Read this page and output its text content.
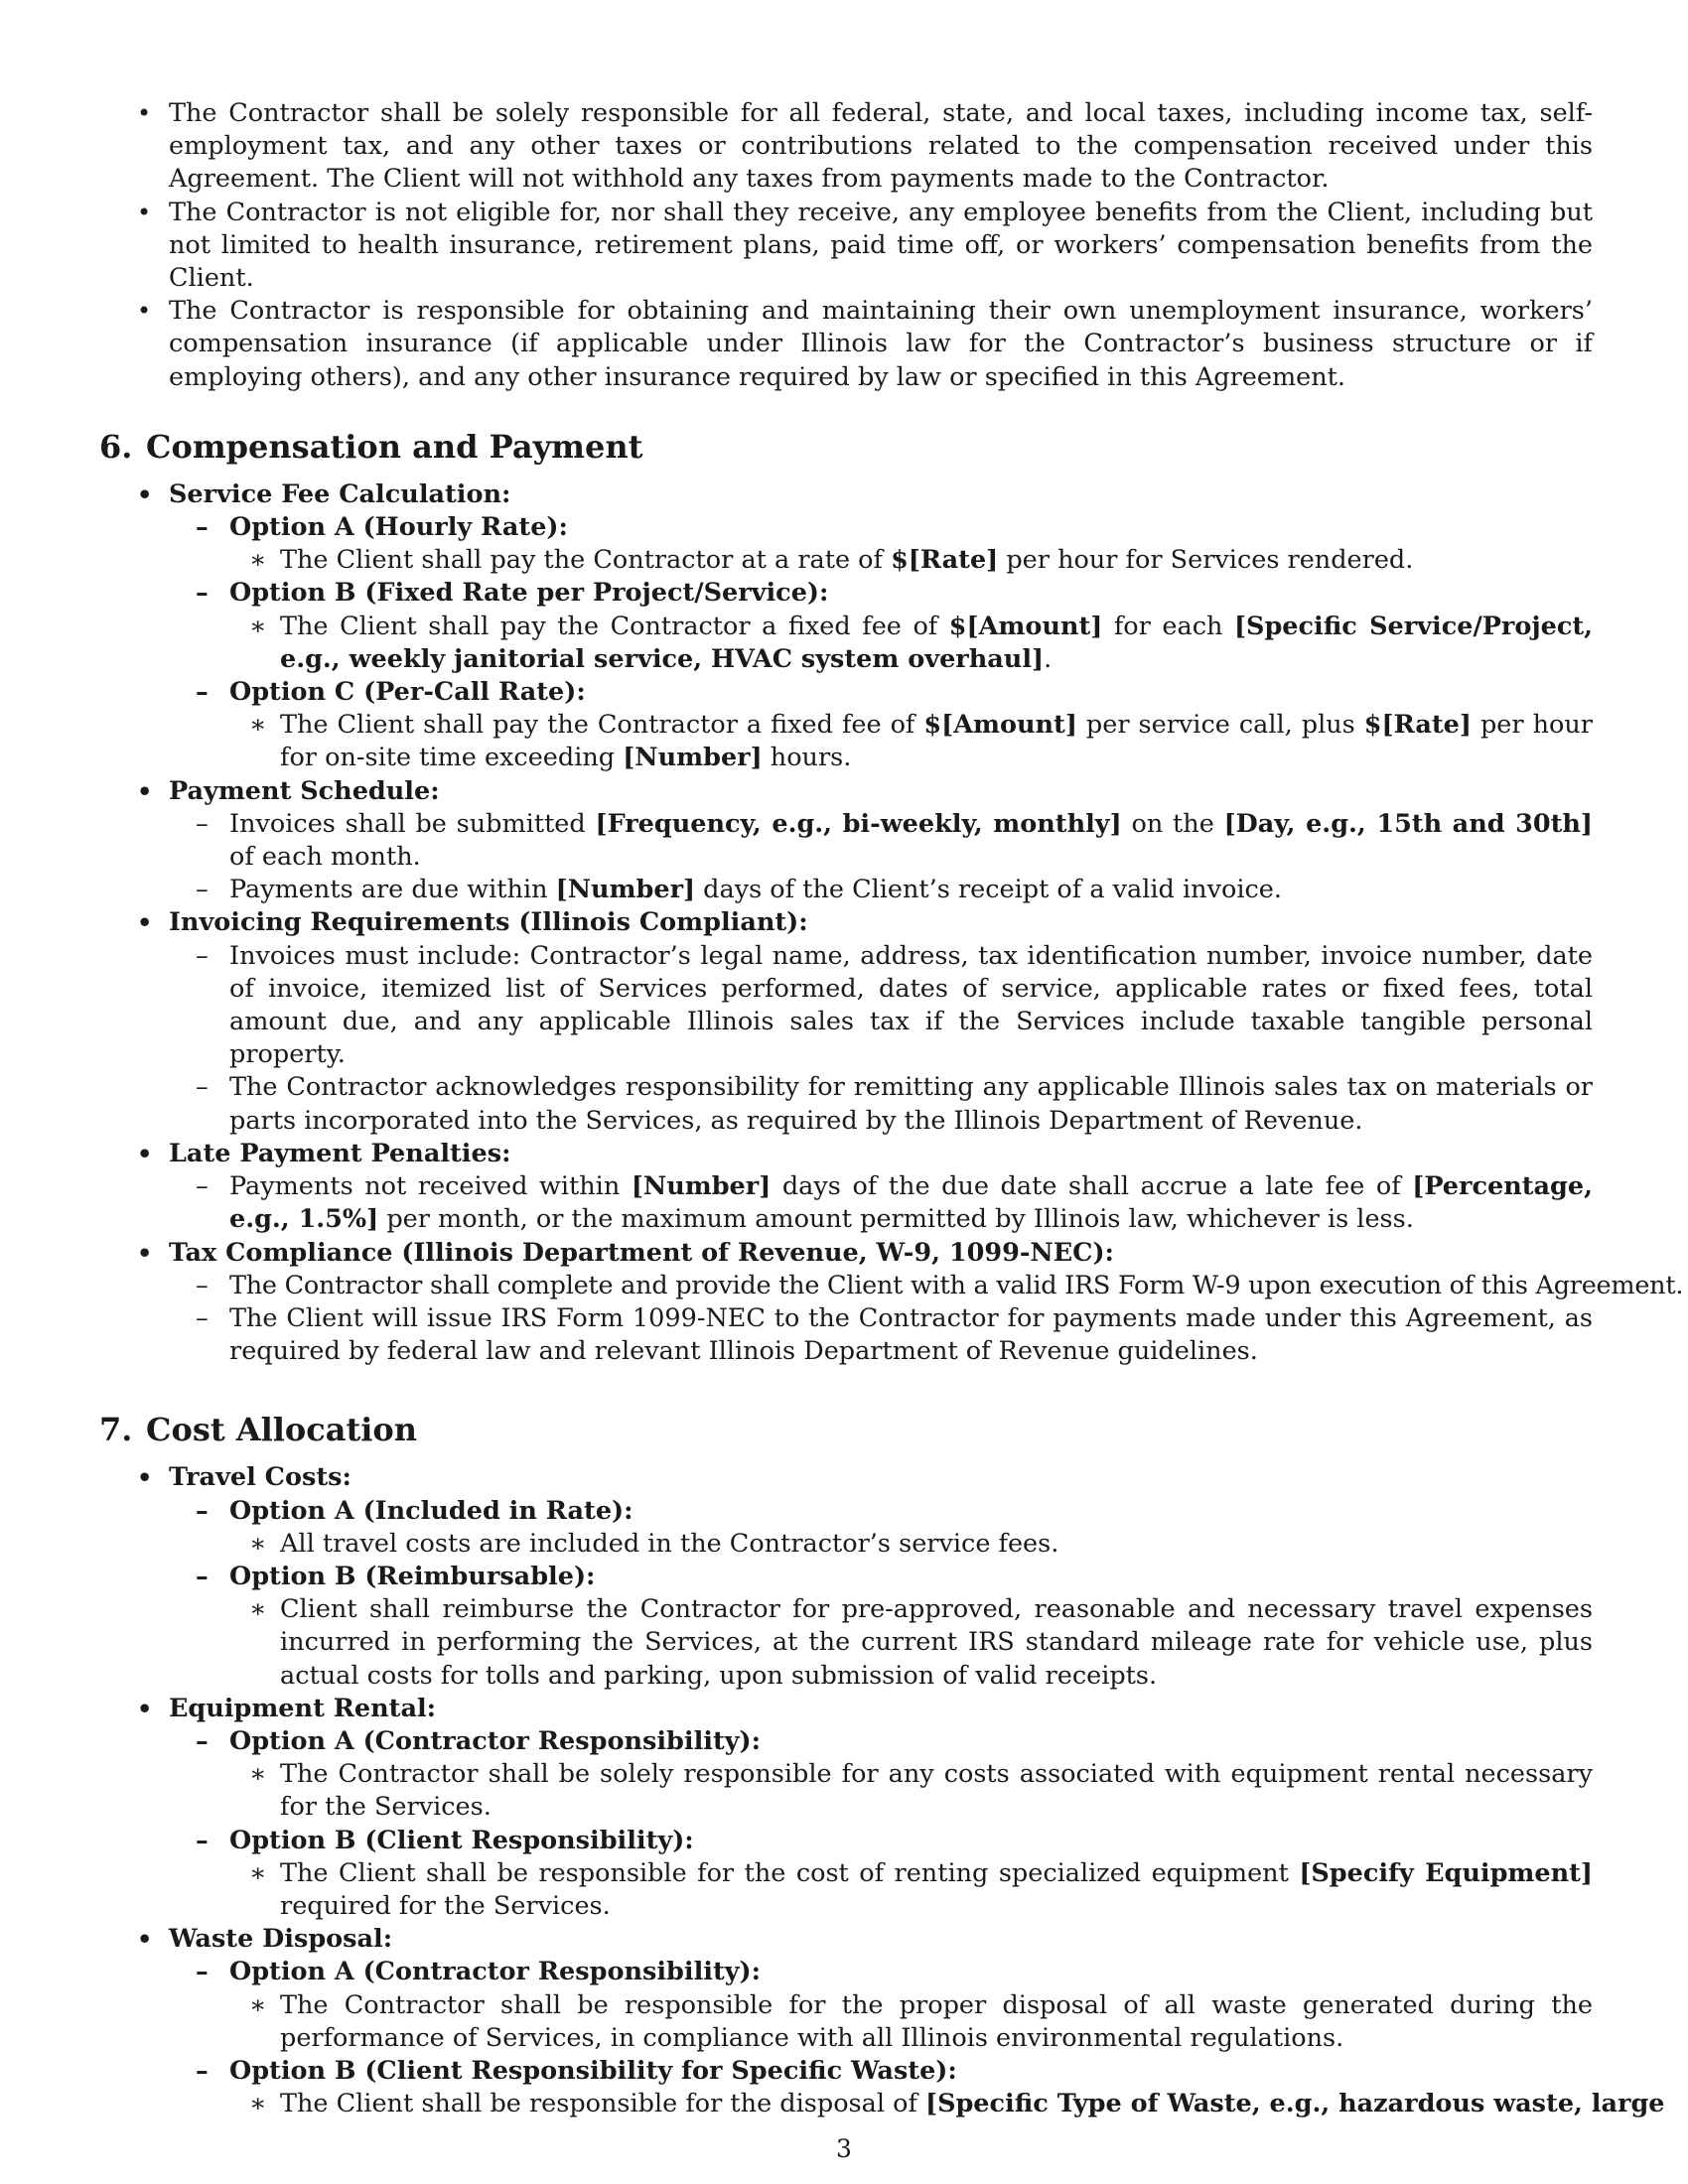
• The Contractor shall be solely responsible for all federal, state, and local taxes, including income tax, self-employment tax, and any other taxes or contributions related to the compensation received under this Agreement. The Client will not withhold any taxes from payments made to the Contractor.
• The Contractor is not eligible for, nor shall they receive, any employee benefits from the Client, including but not limited to health insurance, retirement plans, paid time off, or workers’ compensation benefits from the Client.
• The Contractor is responsible for obtaining and maintaining their own unemployment insurance, workers’ compensation insurance (if applicable under Illinois law for the Contractor’s business structure or if employing others), and any other insurance required by law or specified in this Agreement.
6. Compensation and Payment
• Service Fee Calculation:
– Option A (Hourly Rate):
∗ The Client shall pay the Contractor at a rate of $[Rate] per hour for Services rendered.
– Option B (Fixed Rate per Project/Service):
∗ The Client shall pay the Contractor a fixed fee of $[Amount] for each [Specific Service/Project, e.g., weekly janitorial service, HVAC system overhaul].
– Option C (Per-Call Rate):
∗ The Client shall pay the Contractor a fixed fee of $[Amount] per service call, plus $[Rate] per hour for on-site time exceeding [Number] hours.
• Payment Schedule:
– Invoices shall be submitted [Frequency, e.g., bi-weekly, monthly] on the [Day, e.g., 15th and 30th] of each month.
– Payments are due within [Number] days of the Client’s receipt of a valid invoice.
• Invoicing Requirements (Illinois Compliant):
– Invoices must include: Contractor’s legal name, address, tax identification number, invoice number, date of invoice, itemized list of Services performed, dates of service, applicable rates or fixed fees, total amount due, and any applicable Illinois sales tax if the Services include taxable tangible personal property.
– The Contractor acknowledges responsibility for remitting any applicable Illinois sales tax on materials or parts incorporated into the Services, as required by the Illinois Department of Revenue.
• Late Payment Penalties:
– Payments not received within [Number] days of the due date shall accrue a late fee of [Percentage, e.g., 1.5%] per month, or the maximum amount permitted by Illinois law, whichever is less.
• Tax Compliance (Illinois Department of Revenue, W-9, 1099-NEC):
– The Contractor shall complete and provide the Client with a valid IRS Form W-9 upon execution of this Agreement.
– The Client will issue IRS Form 1099-NEC to the Contractor for payments made under this Agreement, as required by federal law and relevant Illinois Department of Revenue guidelines.
7. Cost Allocation
• Travel Costs:
– Option A (Included in Rate):
∗ All travel costs are included in the Contractor’s service fees.
– Option B (Reimbursable):
∗ Client shall reimburse the Contractor for pre-approved, reasonable and necessary travel expenses incurred in performing the Services, at the current IRS standard mileage rate for vehicle use, plus actual costs for tolls and parking, upon submission of valid receipts.
• Equipment Rental:
– Option A (Contractor Responsibility):
∗ The Contractor shall be solely responsible for any costs associated with equipment rental necessary for the Services.
– Option B (Client Responsibility):
∗ The Client shall be responsible for the cost of renting specialized equipment [Specify Equipment] required for the Services.
• Waste Disposal:
– Option A (Contractor Responsibility):
∗ The Contractor shall be responsible for the proper disposal of all waste generated during the performance of Services, in compliance with all Illinois environmental regulations.
– Option B (Client Responsibility for Specific Waste):
∗ The Client shall be responsible for the disposal of [Specific Type of Waste, e.g., hazardous waste, large
3
